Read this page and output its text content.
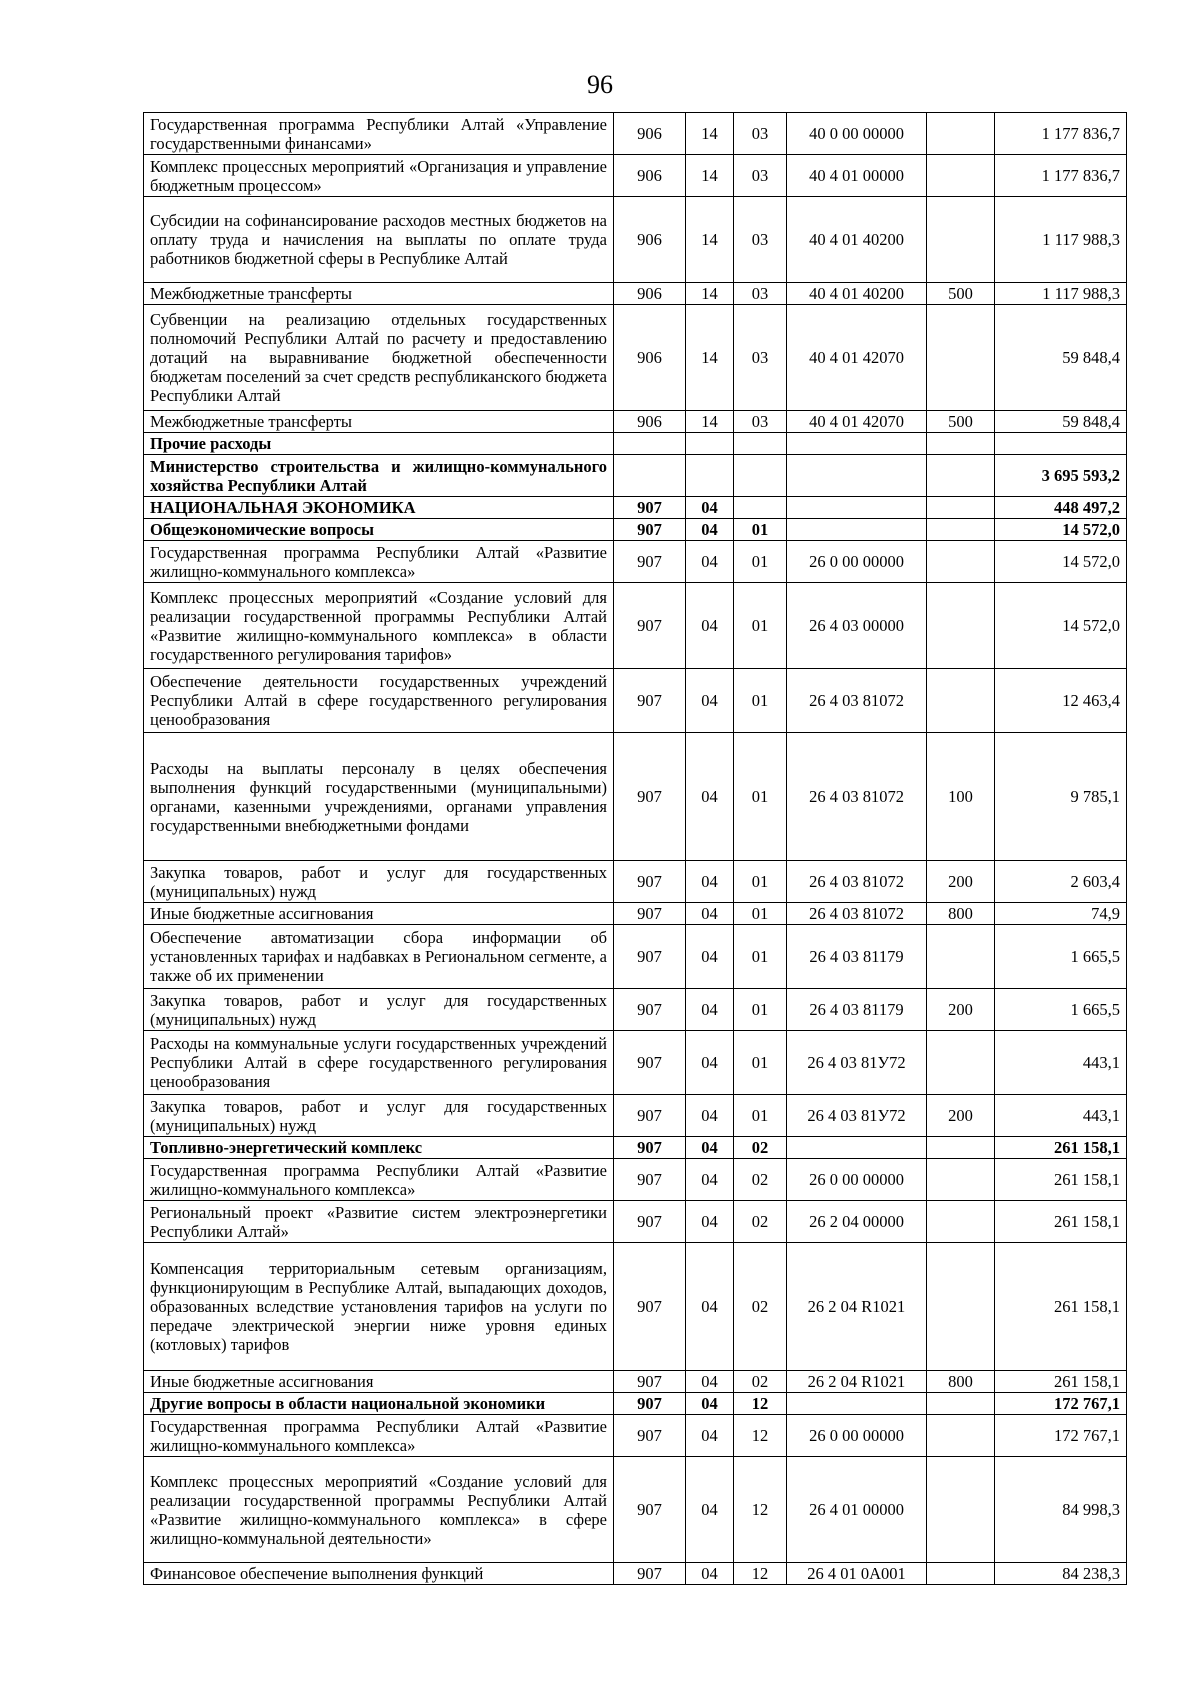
96
Государственная программа Республики Алтай «Управление государственными финансами»	906	14	03	40 0 00 00000		1 177 836,7
Комплекс процессных мероприятий «Организация и управление бюджетным процессом»	906	14	03	40 4 01 00000		1 177 836,7
Субсидии на софинансирование расходов местных бюджетов на оплату труда и начисления на выплаты по оплате труда работников бюджетной сферы в Республике Алтай	906	14	03	40 4 01 40200		1 117 988,3
Межбюджетные трансферты	906	14	03	40 4 01 40200	500	1 117 988,3
Субвенции на реализацию отдельных государственных полномочий Республики Алтай по расчету и предоставлению дотаций на выравнивание бюджетной обеспеченности бюджетам поселений за счет средств республиканского бюджета Республики Алтай	906	14	03	40 4 01 42070		59 848,4
Межбюджетные трансферты	906	14	03	40 4 01 42070	500	59 848,4
Прочие расходы						
Министерство строительства и жилищно-коммунального хозяйства Республики Алтай						3 695 593,2
НАЦИОНАЛЬНАЯ ЭКОНОМИКА	907	04				448 497,2
Общеэкономические вопросы	907	04	01			14 572,0
Государственная программа Республики Алтай «Развитие жилищно-коммунального комплекса»	907	04	01	26 0 00 00000		14 572,0
Комплекс процессных мероприятий «Создание условий для реализации государственной программы Республики Алтай «Развитие жилищно-коммунального комплекса» в области государственного регулирования тарифов»	907	04	01	26 4 03 00000		14 572,0
Обеспечение деятельности государственных учреждений Республики Алтай в сфере государственного регулирования ценообразования	907	04	01	26 4 03 81072		12 463,4
Расходы на выплаты персоналу в целях обеспечения выполнения функций государственными (муниципальными) органами, казенными учреждениями, органами управления государственными внебюджетными фондами	907	04	01	26 4 03 81072	100	9 785,1
Закупка товаров, работ и услуг для государственных (муниципальных) нужд	907	04	01	26 4 03 81072	200	2 603,4
Иные бюджетные ассигнования	907	04	01	26 4 03 81072	800	74,9
Обеспечение автоматизации сбора информации об установленных тарифах и надбавках в Региональном сегменте, а также об их применении	907	04	01	26 4 03 81179		1 665,5
Закупка товаров, работ и услуг для государственных (муниципальных) нужд	907	04	01	26 4 03 81179	200	1 665,5
Расходы на коммунальные услуги государственных учреждений Республики Алтай в сфере государственного регулирования ценообразования	907	04	01	26 4 03 81У72		443,1
Закупка товаров, работ и услуг для государственных (муниципальных) нужд	907	04	01	26 4 03 81У72	200	443,1
Топливно-энергетический комплекс	907	04	02			261 158,1
Государственная программа Республики Алтай «Развитие жилищно-коммунального комплекса»	907	04	02	26 0 00 00000		261 158,1
Региональный проект «Развитие систем электроэнергетики Республики Алтай»	907	04	02	26 2 04 00000		261 158,1
Компенсация территориальным сетевым организациям, функционирующим в Республике Алтай, выпадающих доходов, образованных вследствие установления тарифов на услуги по передаче электрической энергии ниже уровня единых (котловых) тарифов	907	04	02	26 2 04 R1021		261 158,1
Иные бюджетные ассигнования	907	04	02	26 2 04 R1021	800	261 158,1
Другие вопросы в области национальной экономики	907	04	12			172 767,1
Государственная программа Республики Алтай «Развитие жилищно-коммунального комплекса»	907	04	12	26 0 00 00000		172 767,1
Комплекс процессных мероприятий «Создание условий для реализации государственной программы Республики Алтай «Развитие жилищно-коммунального комплекса» в сфере жилищно-коммунальной деятельности»	907	04	12	26 4 01 00000		84 998,3
Финансовое обеспечение выполнения функций	907	04	12	26 4 01 0А001		84 238,3
